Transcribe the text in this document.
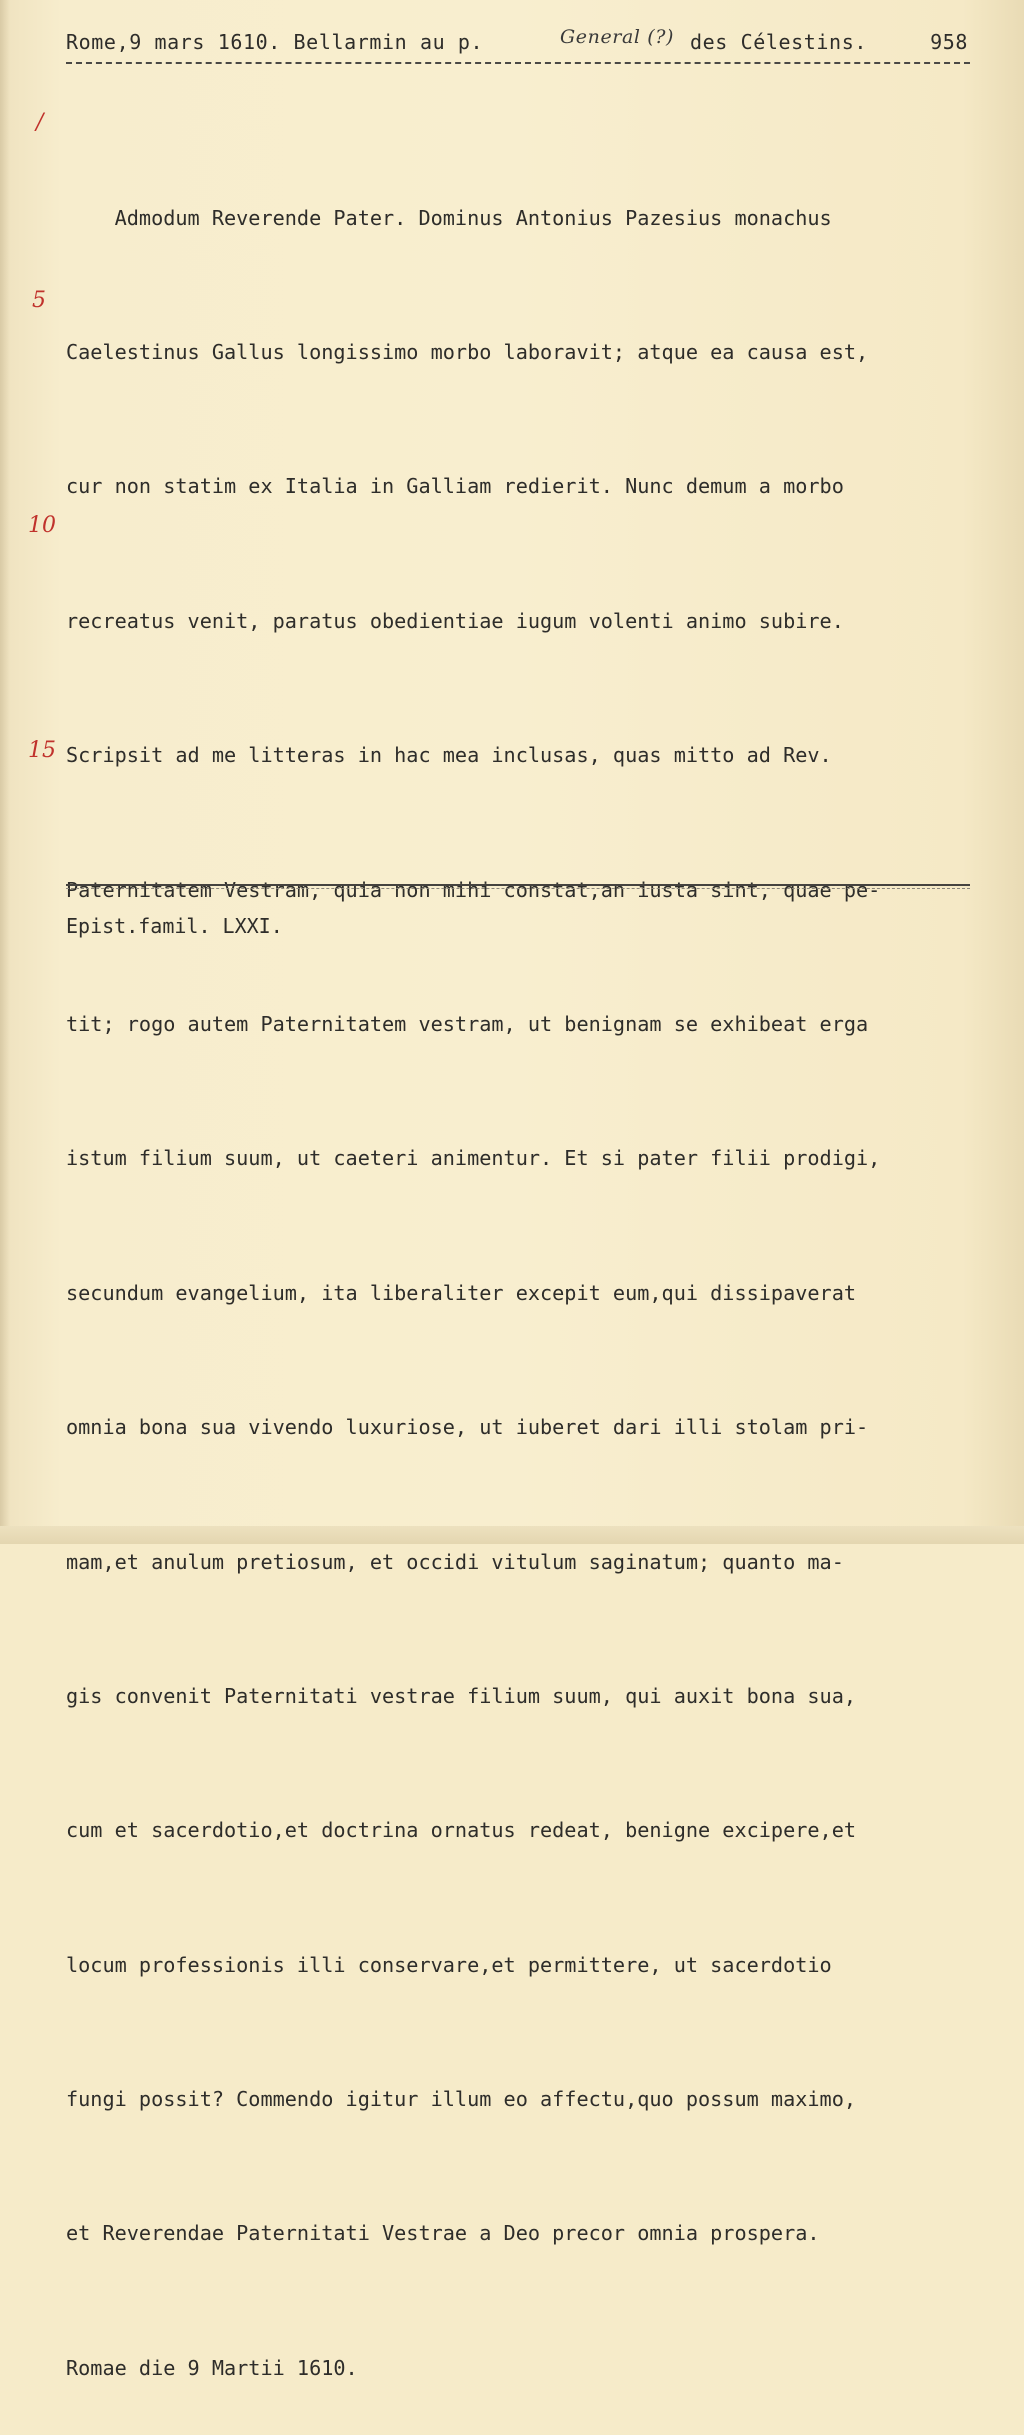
Rome,9 mars 1610. Bellarmin au p.	General (?) des Célestins.	958
/
5
10
15

Admodum Reverende Pater. Dominus Antonius Pazesius monachus

Caelestinus Gallus longissimo morbo laboravit; atque ea causa est,

cur non statim ex Italia in Galliam redierit. Nunc demum a morbo

recreatus venit, paratus obedientiae iugum volenti animo subire.

Scripsit ad me litteras in hac mea inclusas, quas mitto ad Rev.

Paternitatem Vestram, quia non mihi constat,an iusta sint, quae pe-

tit; rogo autem Paternitatem vestram, ut benignam se exhibeat erga

istum filium suum, ut caeteri animentur. Et si pater filii prodigi,

secundum evangelium, ita liberaliter excepit eum,qui dissipaverat

omnia bona sua vivendo luxuriose, ut iuberet dari illi stolam pri-

mam,et anulum pretiosum, et occidi vitulum saginatum; quanto ma-

gis convenit Paternitati vestrae filium suum, qui auxit bona sua,

cum et sacerdotio,et doctrina ornatus redeat, benigne excipere,et

locum professionis illi conservare,et permittere, ut sacerdotio

fungi possit? Commendo igitur illum eo affectu,quo possum maximo,

et Reverendae Paternitati Vestrae a Deo precor omnia prospera.

Romae die 9 Martii 1610.

Epist.famil. LXXI.
